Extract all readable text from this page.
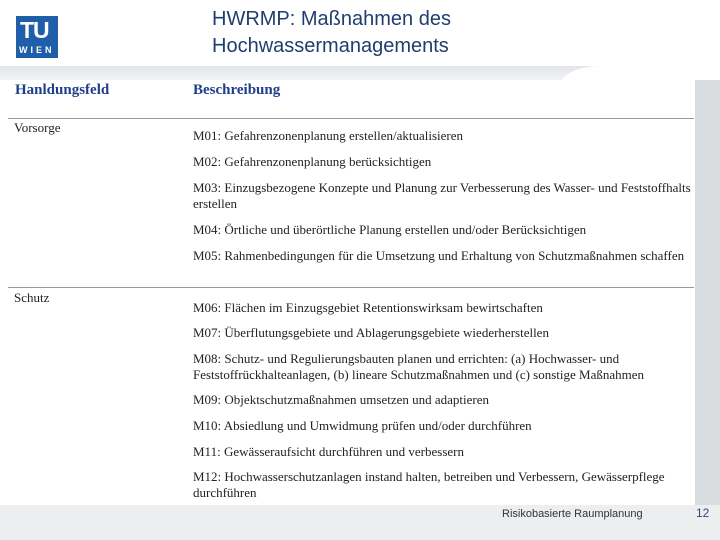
TU
WIEN
HWRMP: Maßnahmen des
Hochwassermanagements
Hanldungsfeld	Beschreibung
Vorsorge
M01: Gefahrenzonenplanung erstellen/aktualisieren
M02: Gefahrenzonenplanung berücksichtigen
M03: Einzugsbezogene Konzepte und Planung zur Verbesserung des Wasser- und Feststoffhalts erstellen
M04: Örtliche und überörtliche Planung erstellen und/oder Berücksichtigen
M05: Rahmenbedingungen für die Umsetzung und Erhaltung von Schutzmaßnahmen schaffen
Schutz
M06: Flächen im Einzugsgebiet Retentionswirksam bewirtschaften
M07: Überflutungsgebiete und Ablagerungsgebiete wiederherstellen
M08: Schutz- und Regulierungsbauten planen und errichten: (a) Hochwasser- und Feststoffrückhalteanlagen, (b) lineare Schutzmaßnahmen und (c) sonstige Maßnahmen
M09: Objektschutzmaßnahmen umsetzen und adaptieren
M10: Absiedlung und Umwidmung prüfen und/oder durchführen
M11: Gewässeraufsicht durchführen und verbessern
M12: Hochwasserschutzanlagen instand halten, betreiben und Verbessern, Gewässerpflege durchführen
Risikobasierte Raumplanung	12
